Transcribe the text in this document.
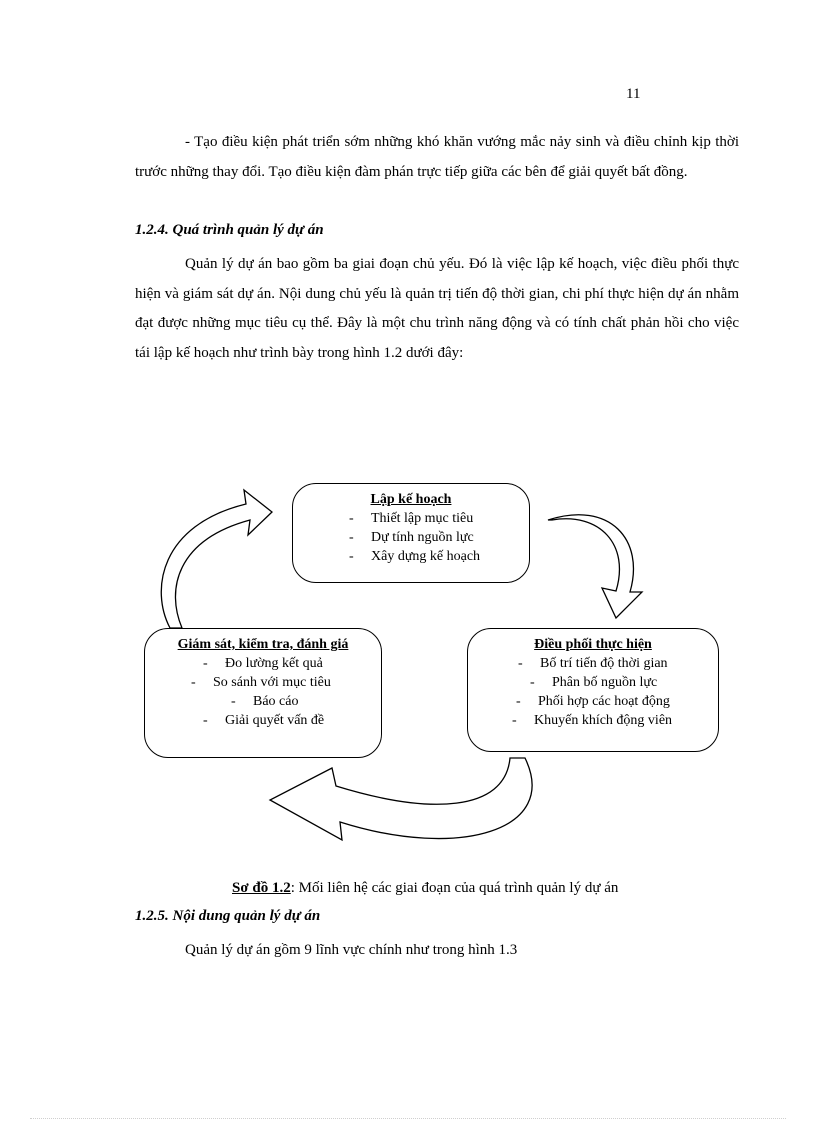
11

- Tạo điều kiện phát triển sớm những khó khăn vướng mắc nảy sinh và điều chỉnh kịp thời trước những thay đổi. Tạo điều kiện đàm phán trực tiếp giữa các bên để giải quyết bất đồng.

1.2.4. Quá trình quản lý dự án

Quản lý dự án bao gồm ba giai đoạn chủ yếu. Đó là việc lập kế hoạch, việc điều phối thực hiện và giám sát dự án. Nội dung chủ yếu là quản trị tiến độ thời gian, chi phí thực hiện dự án nhằm đạt được những mục tiêu cụ thể. Đây là một chu trình năng động và có tính chất phản hồi cho việc tái lập kế hoạch như trình bày trong hình 1.2 dưới đây:

Lập kế hoạch
- Thiết lập mục tiêu
- Dự tính nguồn lực
- Xây dựng kế hoạch
Giám sát, kiểm tra, đánh giá
- Đo lường kết quả
- So sánh với mục tiêu
- Báo cáo
- Giải quyết vấn đề
Điều phối thực hiện
- Bố trí tiến độ thời gian
- Phân bố nguồn lực
- Phối hợp các hoạt động
- Khuyến khích động viên
Sơ đồ 1.2: Mối liên hệ các giai đoạn của quá trình quản lý dự án
1.2.5. Nội dung quản lý dự án

Quản lý dự án gồm 9 lĩnh vực chính như trong hình 1.3
